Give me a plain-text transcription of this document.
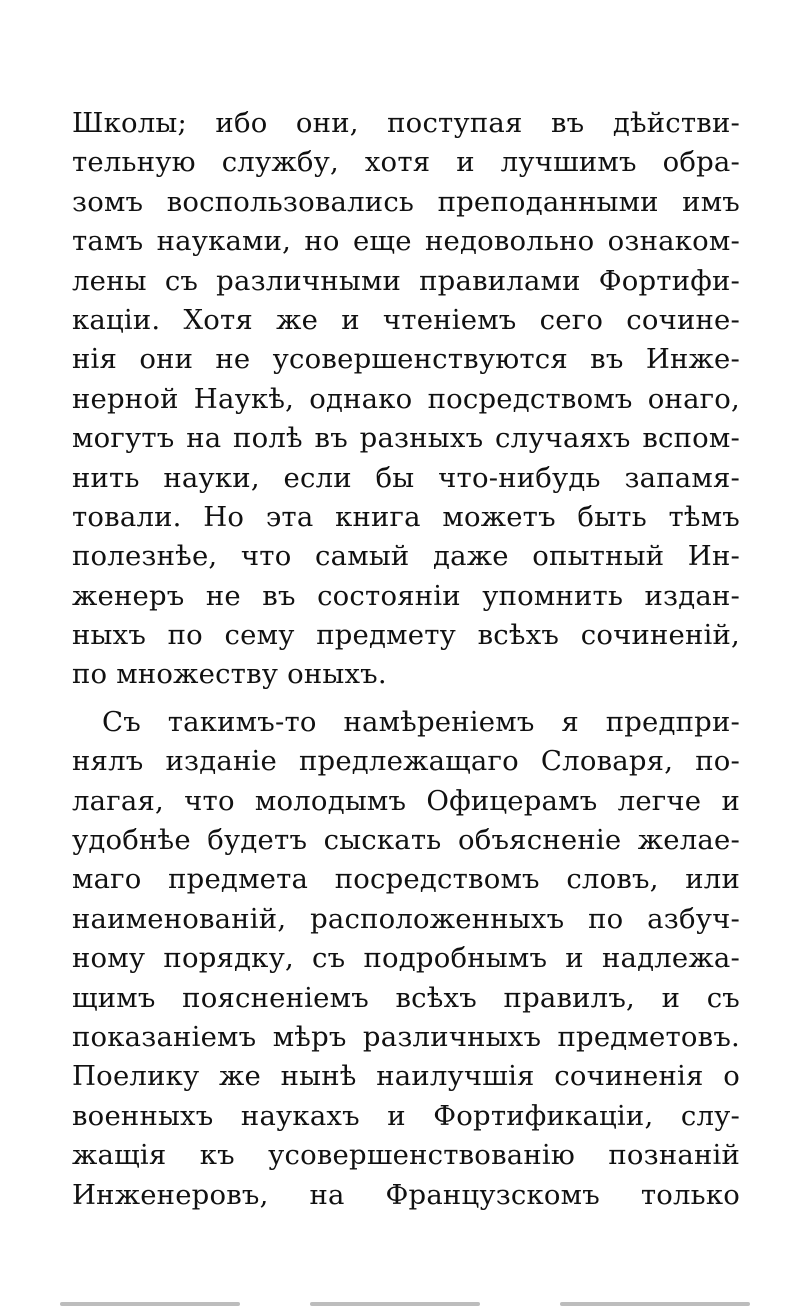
Школы; ибо они, поступая въ дѣйстви-
тельную службу, хотя и лучшимъ обра-
зомъ воспользовались преподанными имъ
тамъ науками, но еще недовольно ознаком-
лены съ различными правилами Фортифи-
каціи. Хотя же и чтеніемъ сего сочине-
нія они не усовершенствуются въ Инже-
нерной Наукѣ, однако посредствомъ онаго,
могутъ на полѣ въ разныхъ случаяхъ вспом-
нить науки, если бы что-нибудь запамя-
товали. Но эта книга можетъ быть тѣмъ
полезнѣе, что самый даже опытный Ин-
женеръ не въ состояніи упомнить издан-
ныхъ по сему предмету всѣхъ сочиненій,
по множеству оныхъ.
Съ такимъ-то намѣреніемъ я предпри-
нялъ изданіе предлежащаго Словаря, по-
лагая, что молодымъ Офицерамъ легче и
удобнѣе будетъ сыскать объясненіе желае-
маго предмета посредствомъ словъ, или
наименованій, расположенныхъ по азбуч-
ному порядку, съ подробнымъ и надлежа-
щимъ поясненіемъ всѣхъ правилъ, и съ
показаніемъ мѣръ различныхъ предметовъ.
Поелику же нынѣ наилучшія сочиненія о
военныхъ наукахъ и Фортификаціи, слу-
жащія къ усовершенствованію познаній
Инженеровъ, на Французскомъ только
